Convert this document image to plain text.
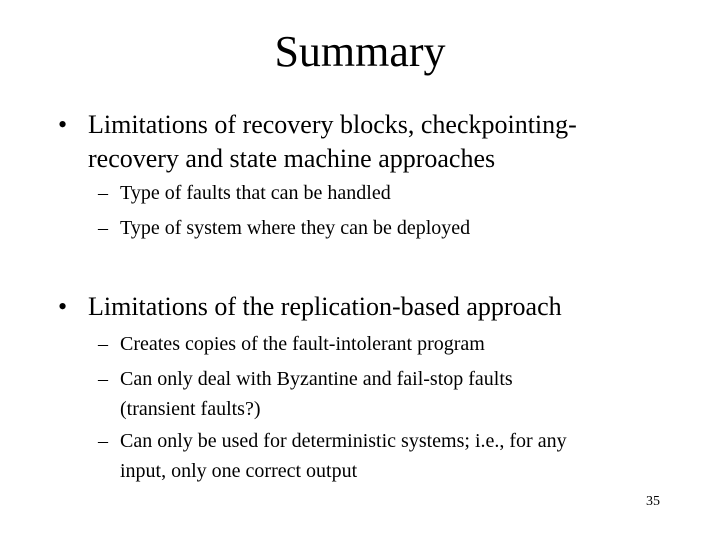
Summary
• Limitations of recovery blocks, checkpointing-
recovery and state machine approaches
– Type of faults that can be handled
– Type of system where they can be deployed
• Limitations of the replication-based approach
– Creates copies of the fault-intolerant program
– Can only deal with Byzantine and fail-stop faults
(transient faults?)
– Can only be used for deterministic systems; i.e., for any
input, only one correct output
35
